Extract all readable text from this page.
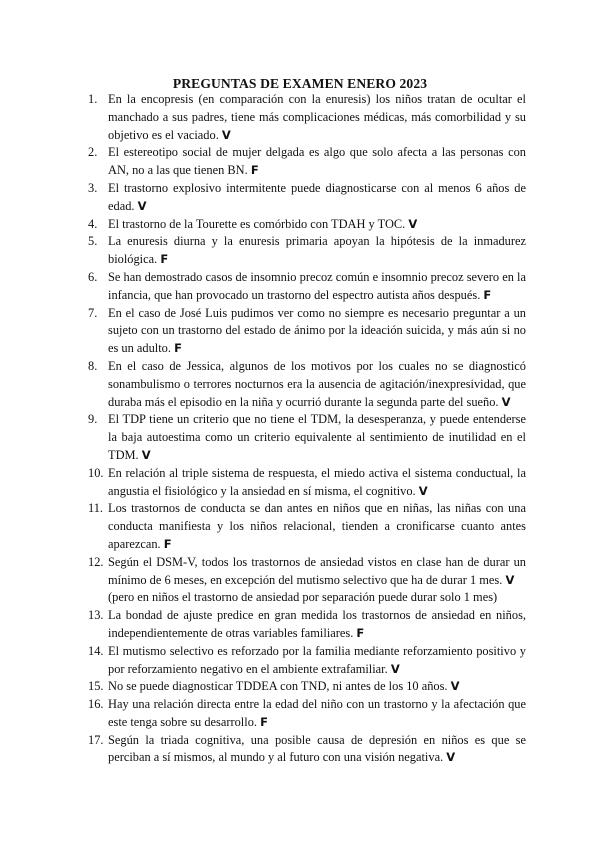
PREGUNTAS DE EXAMEN ENERO 2023
1. En la encopresis (en comparación con la enuresis) los niños tratan de ocultar el manchado a sus padres, tiene más complicaciones médicas, más comorbilidad y su objetivo es el vaciado. V
2. El estereotipo social de mujer delgada es algo que solo afecta a las personas con AN, no a las que tienen BN. F
3. El trastorno explosivo intermitente puede diagnosticarse con al menos 6 años de edad. V
4. El trastorno de la Tourette es comórbido con TDAH y TOC. V
5. La enuresis diurna y la enuresis primaria apoyan la hipótesis de la inmadurez biológica. F
6. Se han demostrado casos de insomnio precoz común e insomnio precoz severo en la infancia, que han provocado un trastorno del espectro autista años después. F
7. En el caso de José Luis pudimos ver como no siempre es necesario preguntar a un sujeto con un trastorno del estado de ánimo por la ideación suicida, y más aún si no es un adulto. F
8. En el caso de Jessica, algunos de los motivos por los cuales no se diagnosticó sonambulismo o terrores nocturnos era la ausencia de agitación/inexpresividad, que duraba más el episodio en la niña y ocurrió durante la segunda parte del sueño. V
9. El TDP tiene un criterio que no tiene el TDM, la desesperanza, y puede entenderse la baja autoestima como un criterio equivalente al sentimiento de inutilidad en el TDM. V
10. En relación al triple sistema de respuesta, el miedo activa el sistema conductual, la angustia el fisiológico y la ansiedad en sí misma, el cognitivo. V
11. Los trastornos de conducta se dan antes en niños que en niñas, las niñas con una conducta manifiesta y los niños relacional, tienden a cronificarse cuanto antes aparezcan. F
12. Según el DSM-V, todos los trastornos de ansiedad vistos en clase han de durar un mínimo de 6 meses, en excepción del mutismo selectivo que ha de durar 1 mes. V
(pero en niños el trastorno de ansiedad por separación puede durar solo 1 mes)
13. La bondad de ajuste predice en gran medida los trastornos de ansiedad en niños, independientemente de otras variables familiares. F
14. El mutismo selectivo es reforzado por la familia mediante reforzamiento positivo y por reforzamiento negativo en el ambiente extrafamiliar. V
15. No se puede diagnosticar TDDEA con TND, ni antes de los 10 años. V
16. Hay una relación directa entre la edad del niño con un trastorno y la afectación que este tenga sobre su desarrollo. F
17. Según la triada cognitiva, una posible causa de depresión en niños es que se perciban a sí mismos, al mundo y al futuro con una visión negativa. V
